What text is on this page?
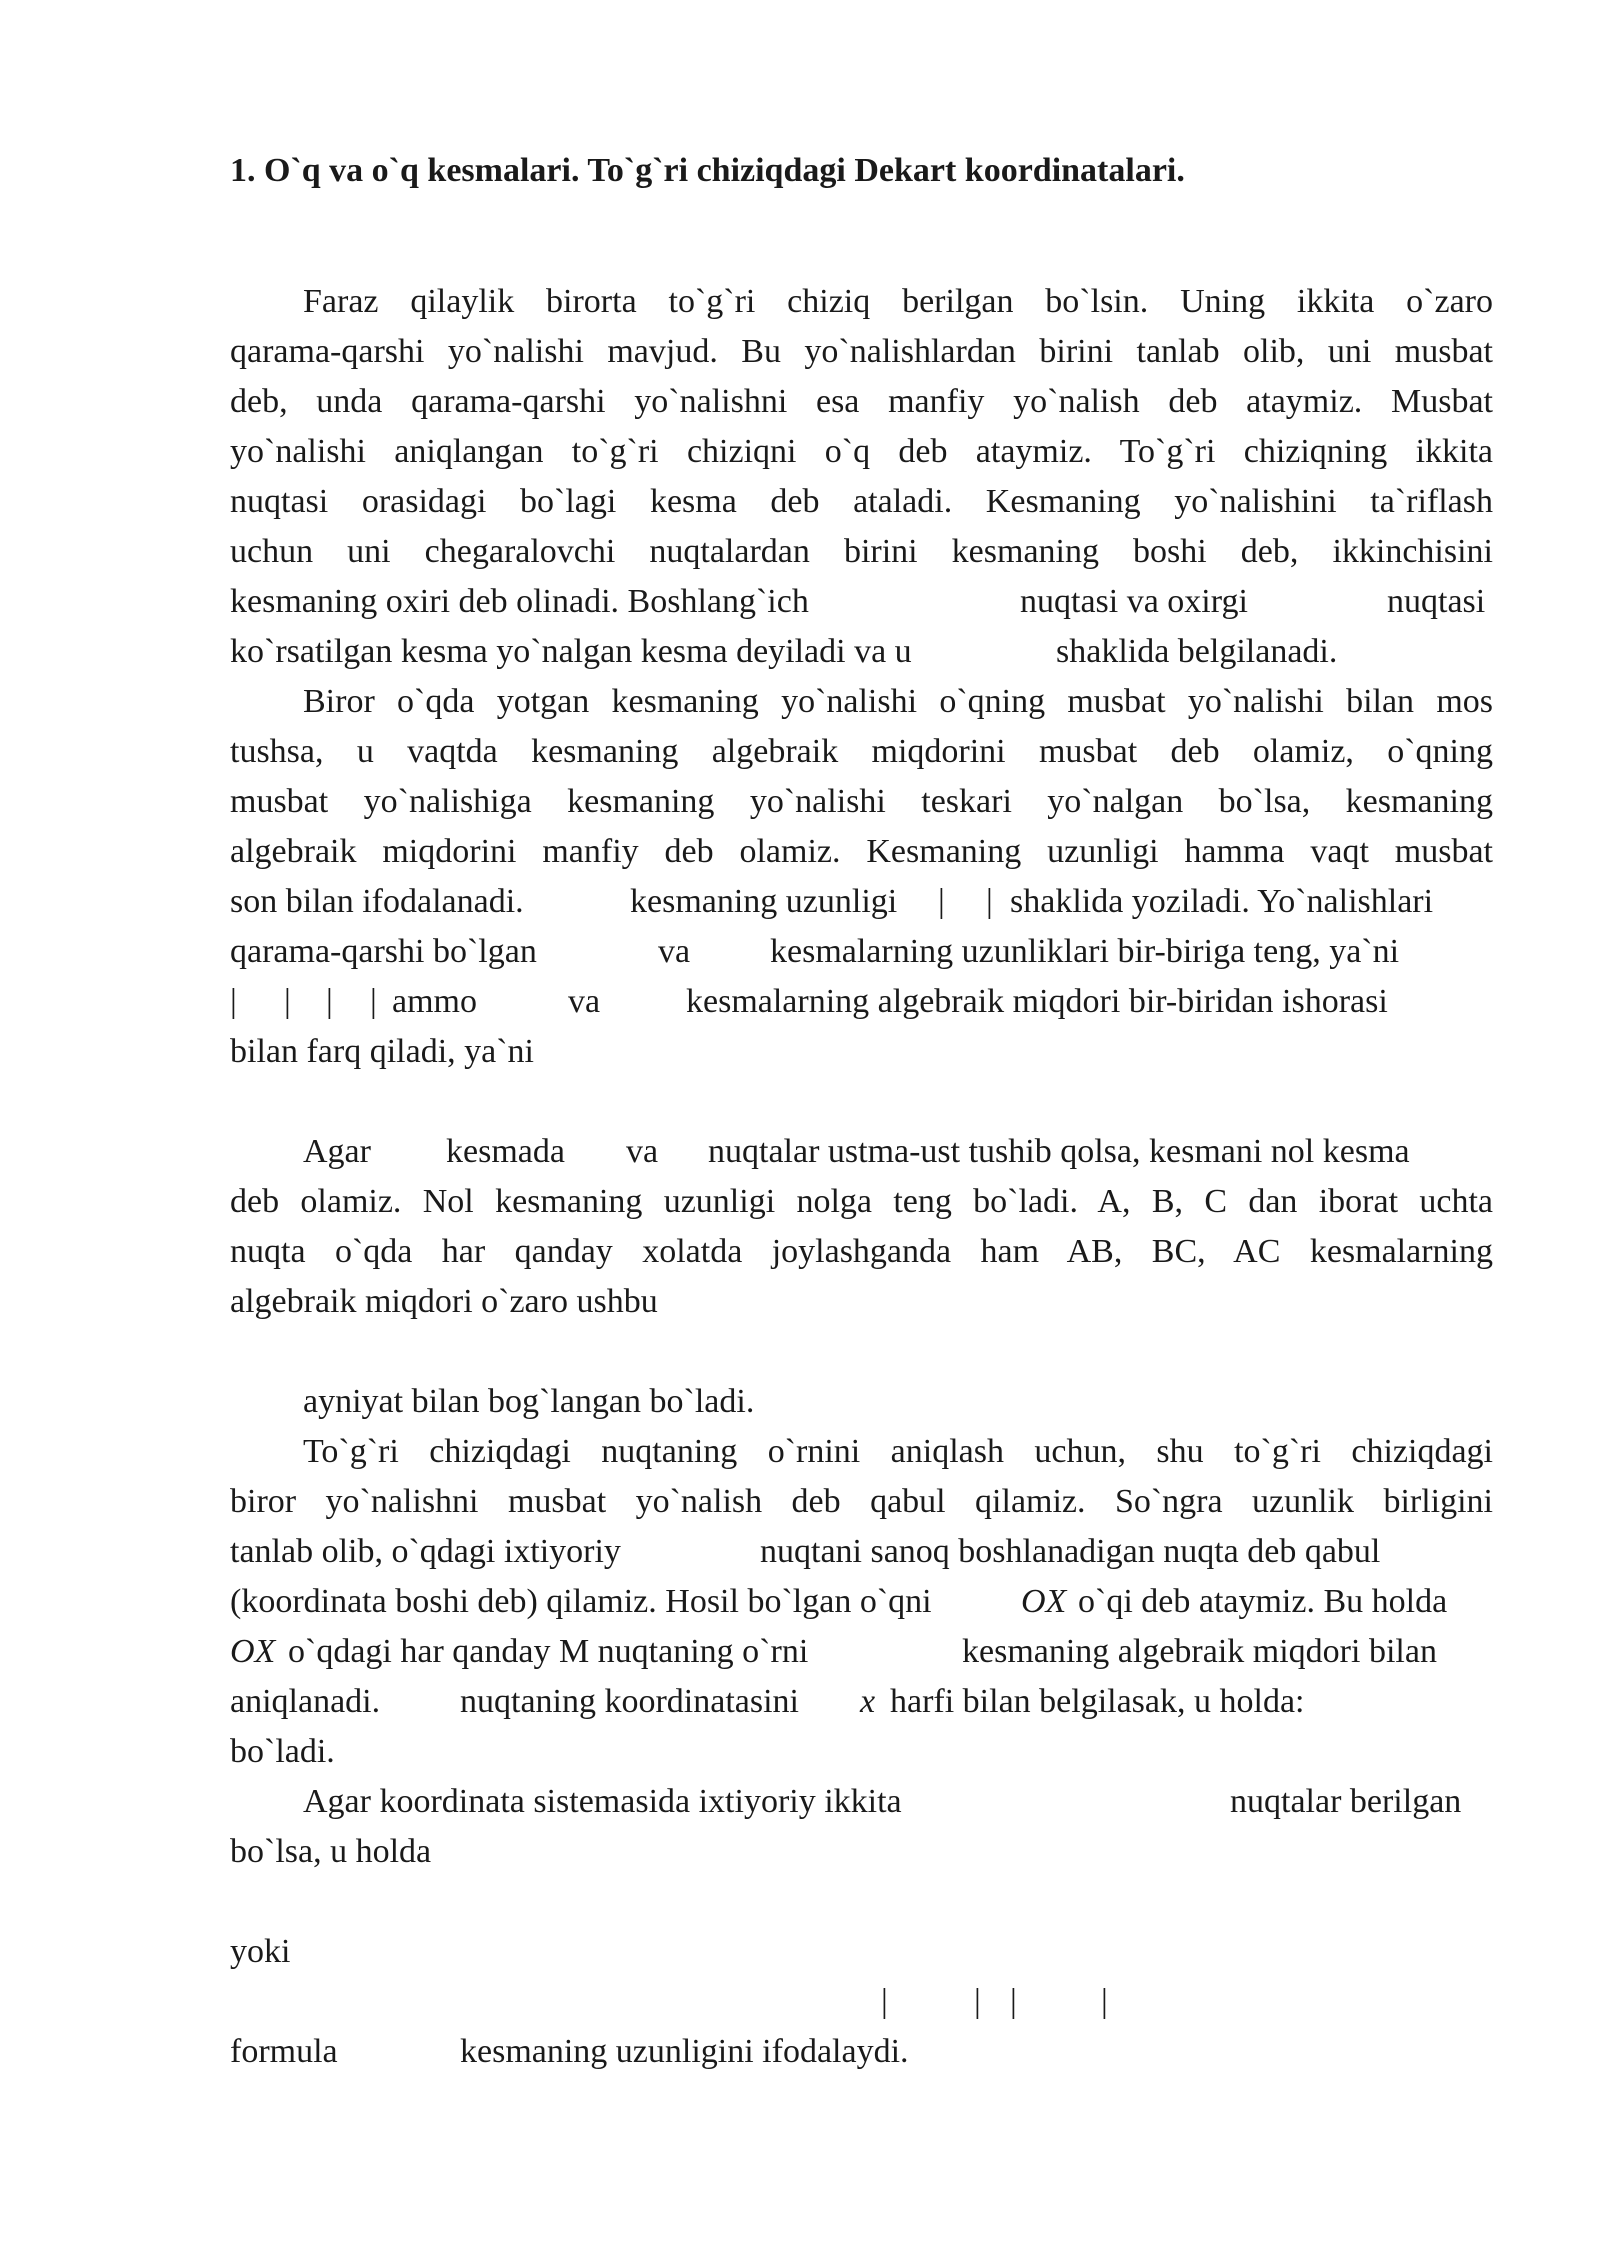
1. O`q va o`q kesmalari. To`g`ri chiziqdagi Dekart koordinatalari.
Faraz qilaylik birorta to`g`ri chiziq berilgan bo`lsin. Uning ikkita o`zaro
qarama-qarshi yo`nalishi mavjud. Bu yo`nalishlardan birini tanlab olib, uni musbat
deb, unda qarama-qarshi yo`nalishni esa manfiy yo`nalish deb ataymiz. Musbat
yo`nalishi aniqlangan to`g`ri chiziqni o`q deb ataymiz. To`g`ri chiziqning ikkita
nuqtasi orasidagi bo`lagi kesma deb ataladi. Kesmaning yo`nalishini ta`riflash
uchun uni chegaralovchi nuqtalardan birini kesmaning boshi deb, ikkinchisini
kesmaning oxiri deb olinadi. Boshlang`ich	nuqtasi va oxirgi	nuqtasi
ko`rsatilgan kesma yo`nalgan kesma deyiladi va u	shaklida belgilanadi.
Biror o`qda yotgan kesmaning yo`nalishi o`qning musbat yo`nalishi bilan mos
tushsa, u vaqtda kesmaning algebraik miqdorini musbat deb olamiz, o`qning
musbat yo`nalishiga kesmaning yo`nalishi teskari yo`nalgan bo`lsa, kesmaning
algebraik miqdorini manfiy deb olamiz. Kesmaning uzunligi hamma vaqt musbat
son bilan ifodalanadi.	kesmaning uzunligi | | shaklida yoziladi. Yo`nalishlari
qarama-qarshi bo`lgan	va kesmalarning uzunliklari bir-biriga teng, ya`ni
| | | | ammo	va	kesmalarning algebraik miqdori bir-biridan ishorasi
bilan farq qiladi, ya`ni
Agar kesmada va nuqtalar ustma-ust tushib qolsa, kesmani nol kesma
deb olamiz. Nol kesmaning uzunligi nolga teng bo`ladi. A, B, C dan iborat uchta
nuqta o`qda har qanday xolatda joylashganda ham AB, BC, AC kesmalarning
algebraik miqdori o`zaro ushbu
ayniyat bilan bog`langan bo`ladi.
To`g`ri chiziqdagi nuqtaning o`rnini aniqlash uchun, shu to`g`ri chiziqdagi
biror yo`nalishni musbat yo`nalish deb qabul qilamiz. So`ngra uzunlik birligini
tanlab olib, o`qdagi ixtiyoriy	nuqtani sanoq boshlanadigan nuqta deb qabul
(koordinata boshi deb) qilamiz. Hosil bo`lgan o`qni	OX o`qi deb ataymiz. Bu holda
OX o`qdagi har qanday M nuqtaning o`rni	kesmaning algebraik miqdori bilan
aniqlanadi. nuqtaning koordinatasini x harfi bilan belgilasak, u holda:
bo`ladi.
Agar koordinata sistemasida ixtiyoriy ikkita	nuqtalar berilgan
bo`lsa, u holda
yoki
|	| | |
formula	kesmaning uzunligini ifodalaydi.
